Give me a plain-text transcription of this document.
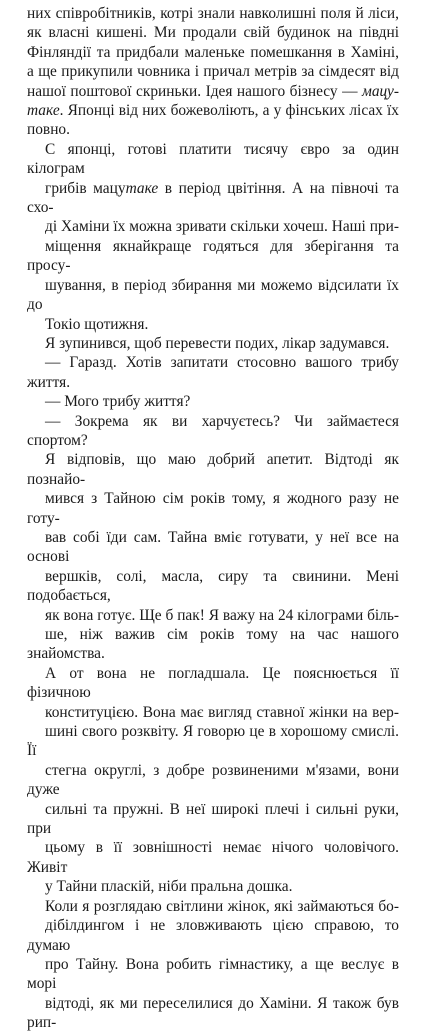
них співробітників, котрі знали навколишні поля й ліси,
як власні кишені. Ми продали свій будинок на півдні
Фінляндії та придбали маленьке помешкання в Хаміні,
а ще прикупили човника і причал метрів за сімдесят від
нашої поштової скриньки. Ідея нашого бізнесу — мацу-
таке. Японці від них божеволіють, а у фінських лісах їх
повно.

С японці, готові платити тисячу євро за один кілограм
грибів мацутаке в період цвітіння. А на півночі та схо-
ді Хаміни їх можна зривати скільки хочеш. Наші при-
міщення якнайкраще годяться для зберігання та просу-
шування, в період збирання ми можемо відсилати їх до
Токіо щотижня.

Я зупинився, щоб перевести подих, лікар задумався.

— Гаразд. Хотів запитати стосовно вашого трибу життя.

— Мого трибу життя?

— Зокрема як ви харчуєтесь? Чи займаєтеся спортом?

Я відповів, що маю добрий апетит. Відтоді як познайо-
мився з Тайною сім років тому, я жодного разу не готу-
вав собі їди сам. Тайна вміє готувати, у неї все на основі
вершків, солі, масла, сиру та свинини. Мені подобається,
як вона готує. Ще б пак! Я важу на 24 кілограми біль-
ше, ніж важив сім років тому на час нашого знайомства.
А от вона не погладшала. Це пояснюється її фізичною
конституцією. Вона має вигляд ставної жінки на вер-
шині свого розквіту. Я говорю це в хорошому смислі. Її
стегна округлі, з добре розвиненими м'язами, вони дуже
сильні та пружні. В неї широкі плечі і сильні руки, при
цьому в її зовнішності немає нічого чоловічого. Живіт
у Тайни пласкій, ніби пральна дошка.

Коли я розглядаю світлини жінок, які займаються бо-
дібілдингом і не зловживають цією справою, то думаю
про Тайну. Вона робить гімнастику, а ще веслує в морі
відтоді, як ми переселилися до Хаміни. Я також був рип-
